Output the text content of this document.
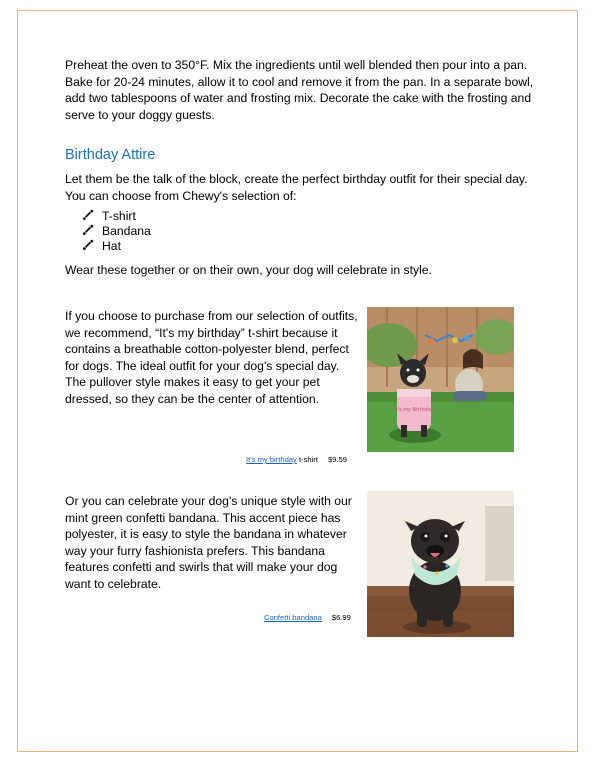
Preheat the oven to 350°F. Mix the ingredients until well blended then pour into a pan.
Bake for 20-24 minutes, allow it to cool and remove it from the pan. In a separate bowl,
add two tablespoons of water and frosting mix. Decorate the cake with the frosting and
serve to your doggy guests.
Birthday Attire
Let them be the talk of the block, create the perfect birthday outfit for their special day.
You can choose from Chewy's selection of:
•━• T-shirt
•━• Bandana
•━• Hat
Wear these together or on their own, your dog will celebrate in style.
If you choose to purchase from our selection of outfits,
we recommend, “It's my birthday” t-shirt because it
contains a breathable cotton-polyester blend, perfect
for dogs. The ideal outfit for your dog's special day.
The pullover style makes it easy to get your pet
dressed, so they can be the center of attention.
It's my Birthday
It's my birthday t-shirt $9.59
Or you can celebrate your dog's unique style with our
mint green confetti bandana. This accent piece has
polyester, it is easy to style the bandana in whatever
way your furry fashionista prefers. This bandana
features confetti and swirls that will make your dog
want to celebrate.
Confetti bandana $6.99
